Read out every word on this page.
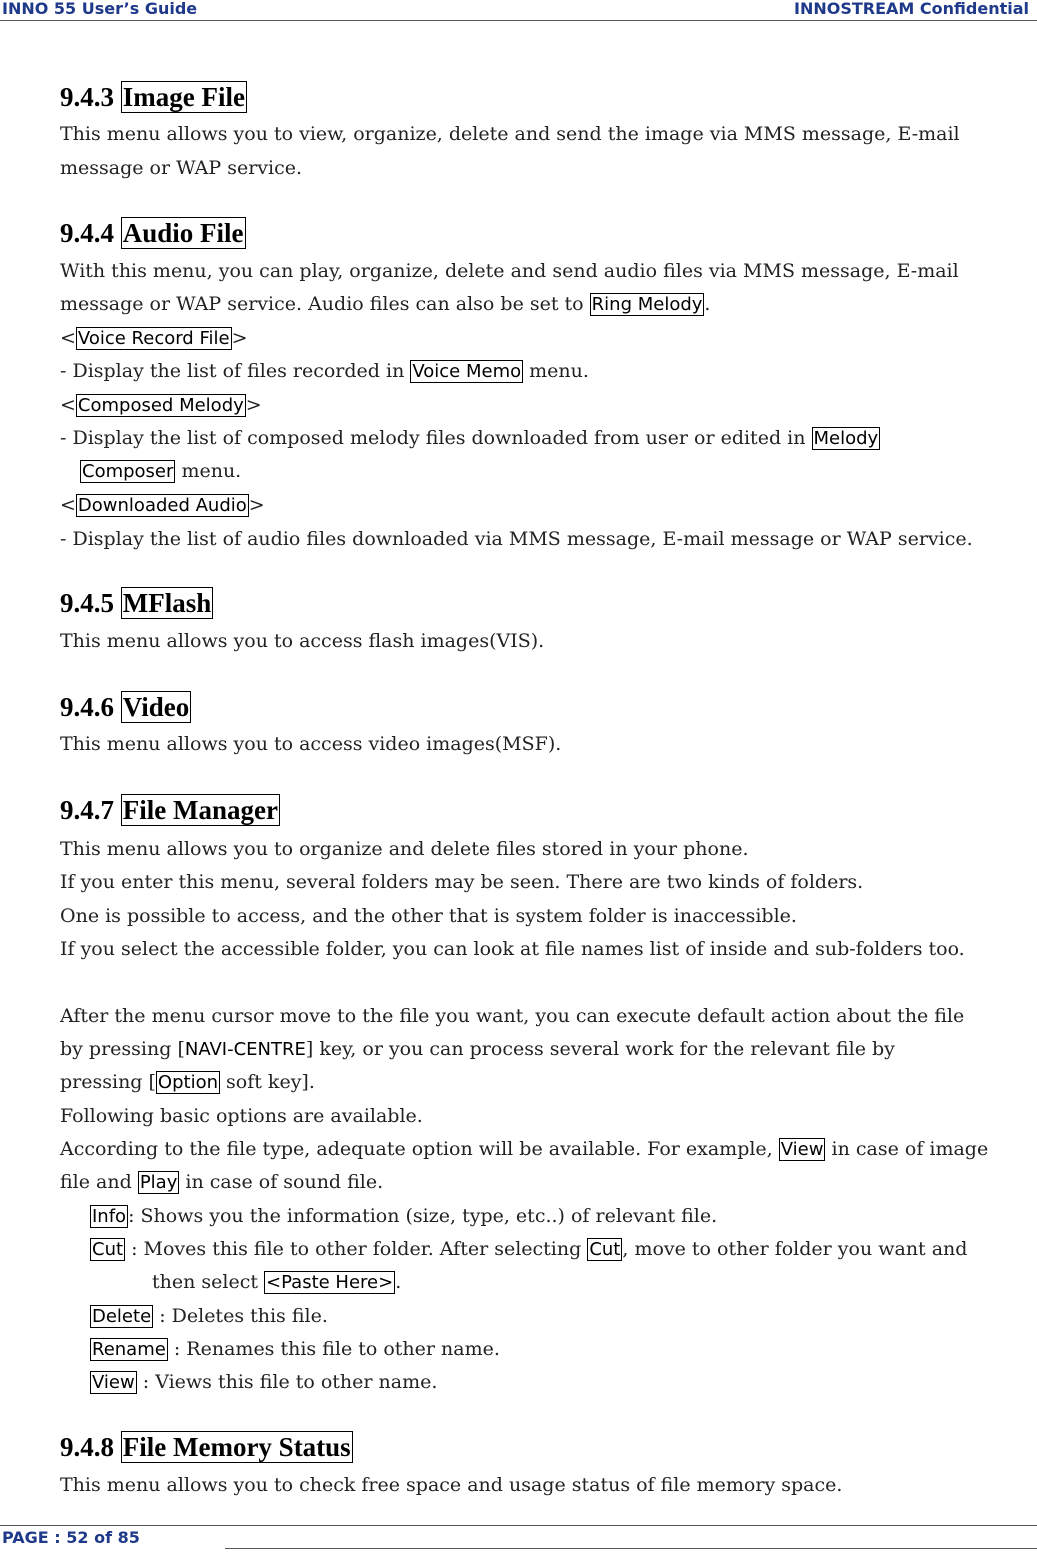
INNO 55 User’s Guide	INNOSTREAM Confidential
9.4.3 Image File
This menu allows you to view, organize, delete and send the image via MMS message, E-mail
message or WAP service.
9.4.4 Audio File
With this menu, you can play, organize, delete and send audio files via MMS message, E-mail
message or WAP service. Audio files can also be set to Ring Melody .
< Voice Record File >
- Display the list of files recorded in Voice Memo menu.
< Composed Melody >
- Display the list of composed melody files downloaded from user or edited in Melody
Composer menu.
< Downloaded Audio >
- Display the list of audio files downloaded via MMS message, E-mail message or WAP service.
9.4.5 MFlash
This menu allows you to access flash images(VIS).
9.4.6 Video
This menu allows you to access video images(MSF).
9.4.7 File Manager
This menu allows you to organize and delete files stored in your phone.
If you enter this menu, several folders may be seen. There are two kinds of folders.
One is possible to access, and the other that is system folder is inaccessible.
If you select the accessible folder, you can look at file names list of inside and sub-folders too.
After the menu cursor move to the file you want, you can execute default action about the file
by pressing [NAVI-CENTRE] key, or you can process several work for the relevant file by
pressing [ Option soft key].
Following basic options are available.
According to the file type, adequate option will be available. For example, View in case of image
file and Play in case of sound file.
Info : Shows you the information (size, type, etc..) of relevant file.
Cut : Moves this file to other folder. After selecting Cut , move to other folder you want and
then select <Paste Here> .
Delete : Deletes this file.
Rename : Renames this file to other name.
View : Views this file to other name.
9.4.8 File Memory Status
This menu allows you to check free space and usage status of file memory space.
PAGE : 52 of 85
